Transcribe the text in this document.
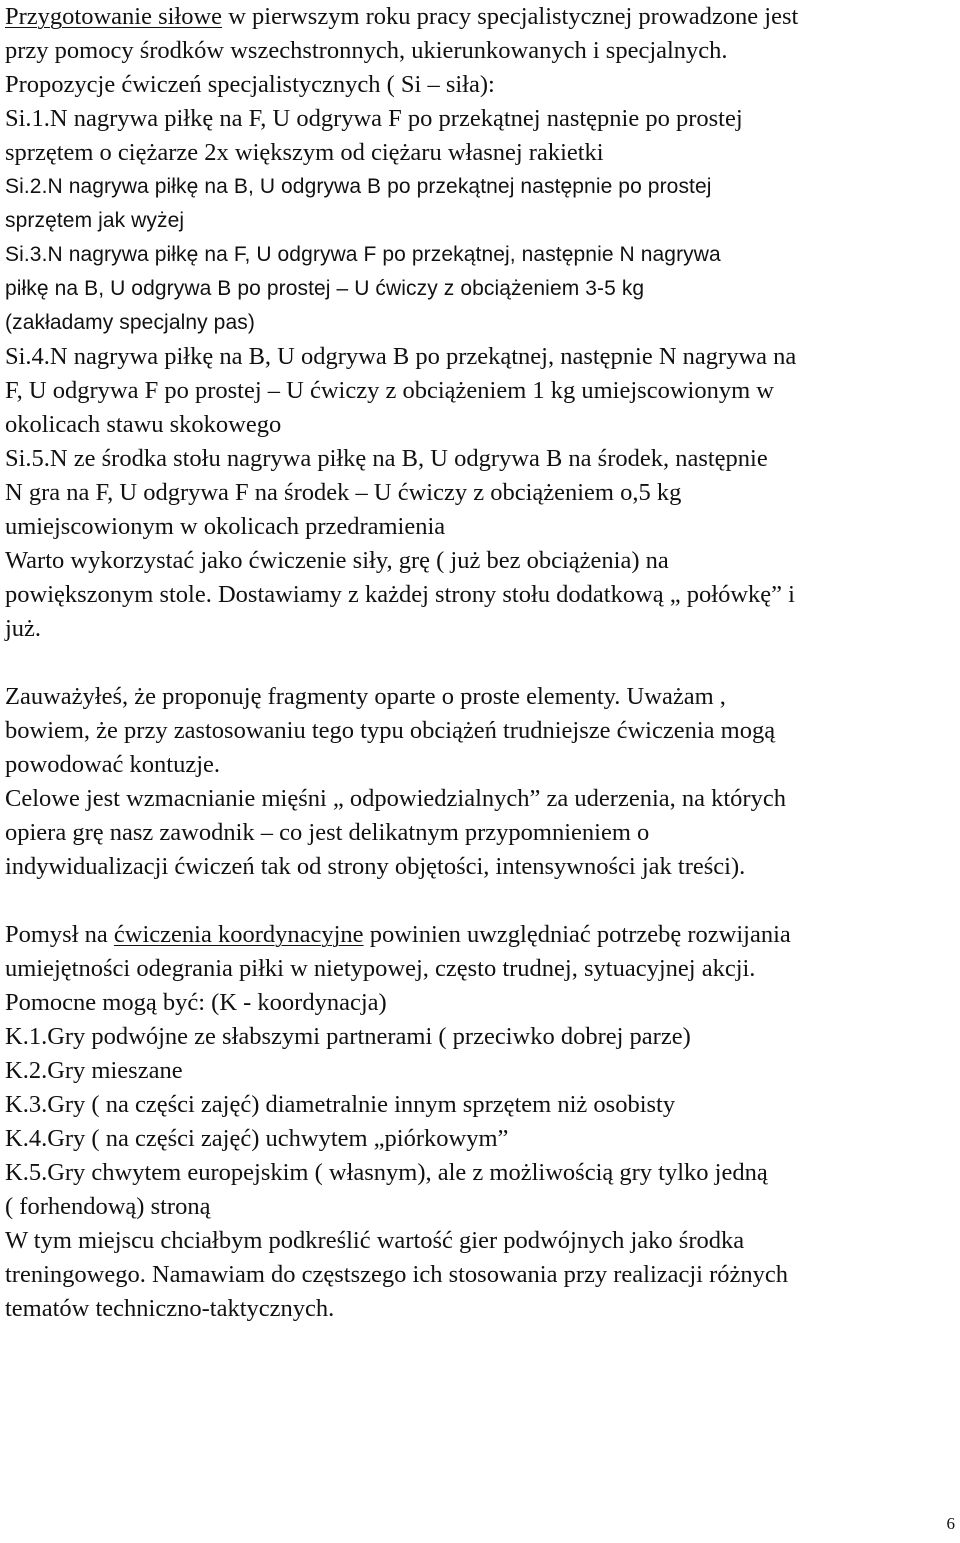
Przygotowanie siłowe w pierwszym roku pracy specjalistycznej prowadzone jest

przy pomocy środków wszechstronnych, ukierunkowanych i specjalnych.

Propozycje ćwiczeń specjalistycznych ( Si – siła):

Si.1.N nagrywa piłkę na F, U odgrywa F po przekątnej następnie po prostej

sprzętem o ciężarze 2x większym od ciężaru własnej rakietki

Si.2.N nagrywa piłkę na B, U odgrywa B po przekątnej następnie po prostej

sprzętem jak wyżej

Si.3.N nagrywa piłkę na F, U odgrywa F po przekątnej, następnie N nagrywa

piłkę na B, U odgrywa B po prostej – U ćwiczy z obciążeniem 3-5 kg

(zakładamy specjalny pas)

Si.4.N nagrywa piłkę na B, U odgrywa B po przekątnej, następnie N nagrywa na

F, U odgrywa F po prostej – U ćwiczy z obciążeniem 1 kg umiejscowionym w

okolicach stawu skokowego

Si.5.N ze środka stołu nagrywa piłkę na B, U odgrywa B na środek, następnie

N gra na F, U odgrywa F na środek – U ćwiczy z obciążeniem o,5 kg

umiejscowionym w okolicach przedramienia

Warto wykorzystać jako ćwiczenie siły, grę ( już bez obciążenia) na

powiększonym stole. Dostawiamy z każdej strony stołu dodatkową „ połówkę” i

już.

Zauważyłeś, że proponuję fragmenty oparte o proste elementy. Uważam ,

bowiem, że przy zastosowaniu tego typu obciążeń trudniejsze ćwiczenia mogą

powodować kontuzje.

Celowe jest wzmacnianie mięśni „ odpowiedzialnych” za uderzenia, na których

opiera grę nasz zawodnik – co jest delikatnym przypomnieniem o

indywidualizacji ćwiczeń tak od strony objętości, intensywności jak treści).

Pomysł na ćwiczenia koordynacyjne powinien uwzględniać potrzebę rozwijania

umiejętności odegrania piłki w nietypowej, często trudnej, sytuacyjnej akcji.

Pomocne mogą być: (K - koordynacja)

K.1.Gry podwójne ze słabszymi partnerami ( przeciwko dobrej parze)

K.2.Gry mieszane

K.3.Gry ( na części zajęć) diametralnie innym sprzętem niż osobisty

K.4.Gry ( na części zajęć) uchwytem „piórkowym”

K.5.Gry chwytem europejskim ( własnym), ale z możliwością gry tylko jedną

( forhendową) stroną

W tym miejscu chciałbym podkreślić wartość gier podwójnych jako środka

treningowego. Namawiam do częstszego ich stosowania przy realizacji różnych

tematów techniczno-taktycznych.

6
